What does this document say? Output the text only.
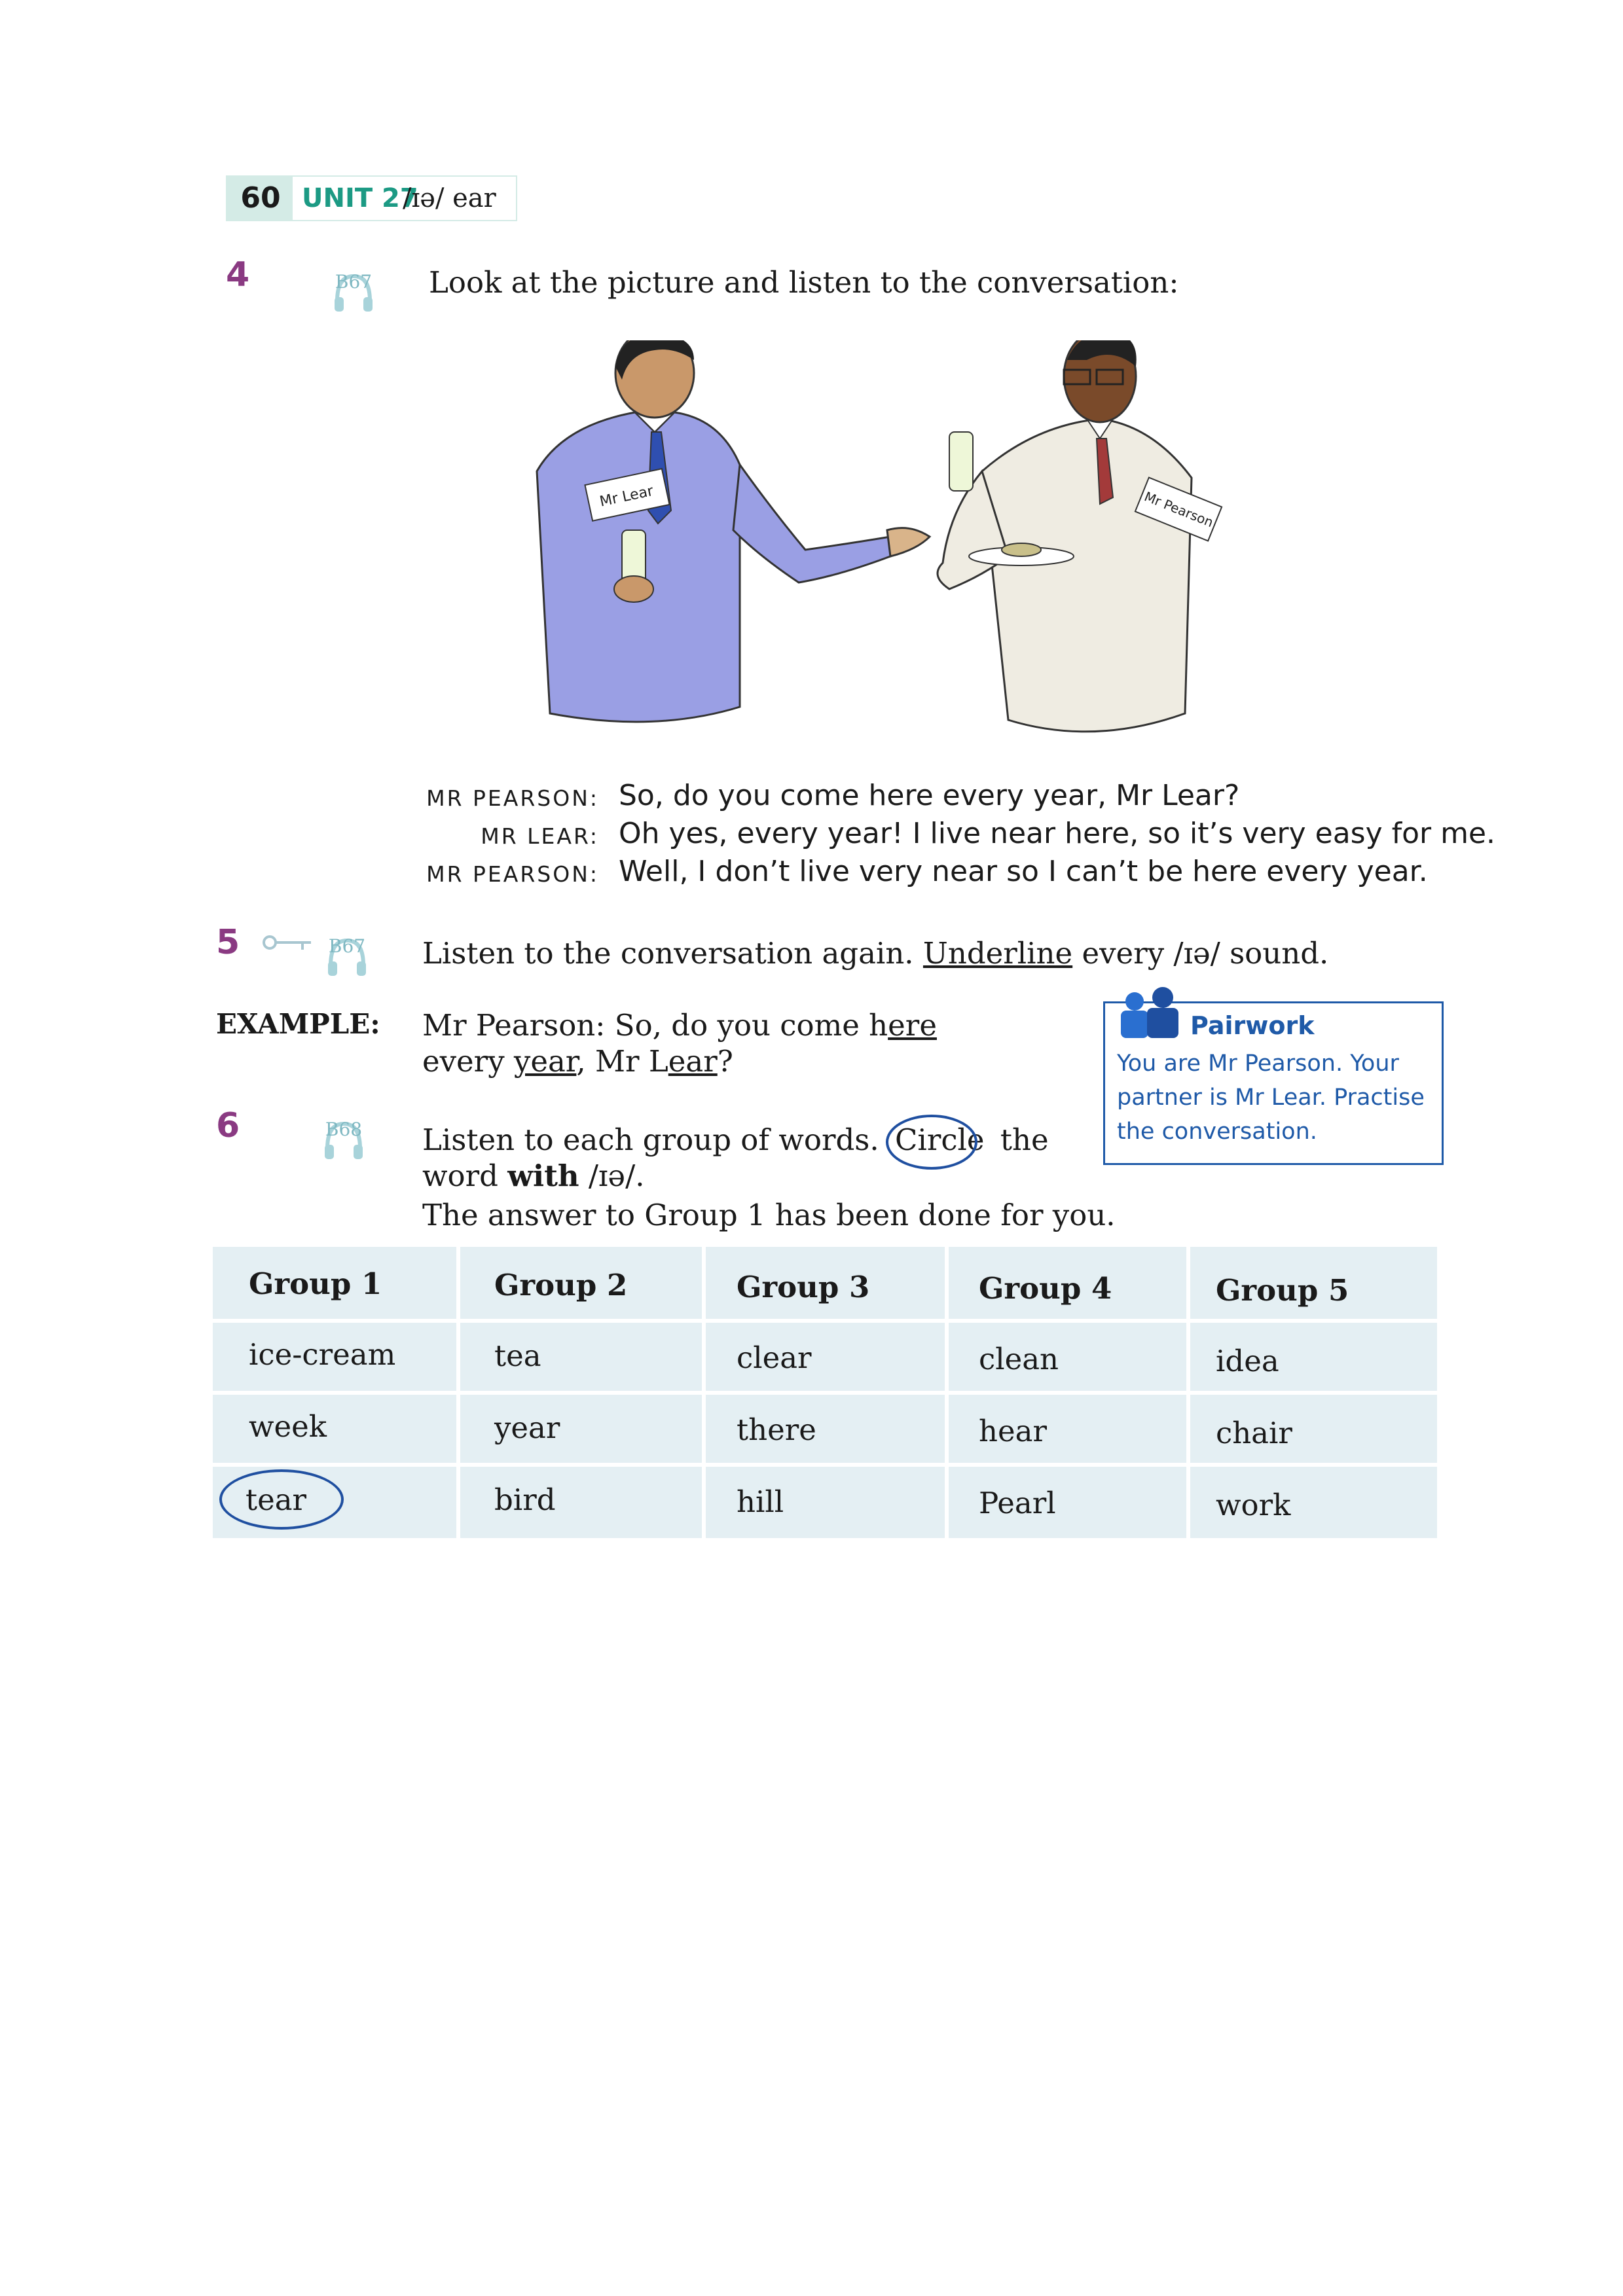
60 UNIT 27
/ɪə/ ear
4	B67 Look at the picture and listen to the conversation:
Mr Lear	Mr Pearson
MR PEARSON: So, do you come here every year, Mr Lear?
MR LEAR: Oh yes, every year! I live near here, so it’s very easy for me.
MR PEARSON: Well, I don’t live very near so I can’t be here every year.
5	B67 Listen to the conversation again. Underline every /ɪə/ sound.
EXAMPLE: Mr Pearson: So, do you come here
every year, Mr Lear?
Pairwork
You are Mr Pearson. Your partner is Mr Lear. Practise the conversation.
6	B68 Listen to each group of words. Circle the
word with /ɪə/.
The answer to Group 1 has been done for you.
Group 1	Group 2	Group 3	Group 4	Group 5
ice-cream	tea	clear	clean	idea
week	year	there	hear	chair
tear	bird	hill	Pearl	work
